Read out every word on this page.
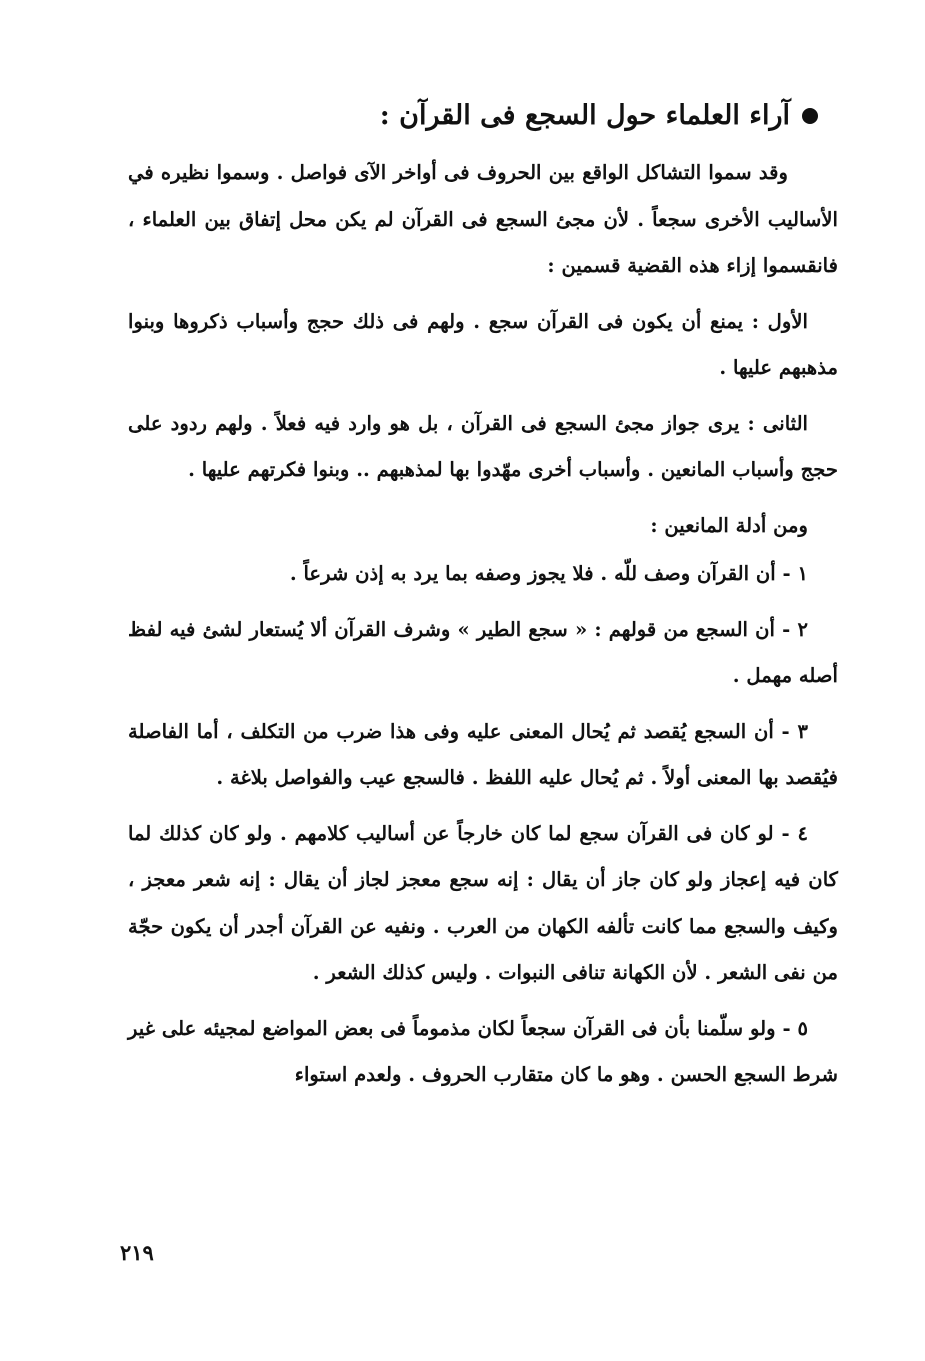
آراء العلماء حول السجع فى القرآن :

وقد سموا التشاكل الواقع بين الحروف فى أواخر الآى فواصل . وسموا نظيره في الأساليب الأخرى سجعاً . لأن مجئ السجع فى القرآن لم يكن محل إتفاق بين العلماء ، فانقسموا إزاء هذه القضية قسمين :

الأول : يمنع أن يكون فى القرآن سجع . ولهم فى ذلك حجج وأسباب ذكروها وبنوا مذهبهم عليها .

الثانى : يرى جواز مجئ السجع فى القرآن ، بل هو وارد فيه فعلاً . ولهم ردود على حجج وأسباب المانعين . وأسباب أخرى مهّدوا بها لمذهبهم .. وبنوا فكرتهم عليها .

ومن أدلة المانعين :

١ - أن القرآن وصف للّه . فلا يجوز وصفه بما يرد به إذن شرعاً .

٢ - أن السجع من قولهم : « سجع الطير » وشرف القرآن ألا يُستعار لشئ فيه لفظ أصله مهمل .

٣ - أن السجع يُقصد ثم يُحال المعنى عليه وفى هذا ضرب من التكلف ، أما الفاصلة فيُقصد بها المعنى أولاً . ثم يُحال عليه اللفظ . فالسجع عيب والفواصل بلاغة .

٤ - لو كان فى القرآن سجع لما كان خارجاً عن أساليب كلامهم . ولو كان كذلك لما كان فيه إعجاز ولو كان جاز أن يقال : إنه سجع معجز لجاز أن يقال : إنه شعر معجز ، وكيف والسجع مما كانت تألفه الكهان من العرب . ونفيه عن القرآن أجدر أن يكون حجّة من نفى الشعر . لأن الكهانة تنافى النبوات . وليس كذلك الشعر .

٥ - ولو سلّمنا بأن فى القرآن سجعاً لكان مذموماً فى بعض المواضع لمجيئه على غير شرط السجع الحسن . وهو ما كان متقارب الحروف . ولعدم استواء

٢١٩
